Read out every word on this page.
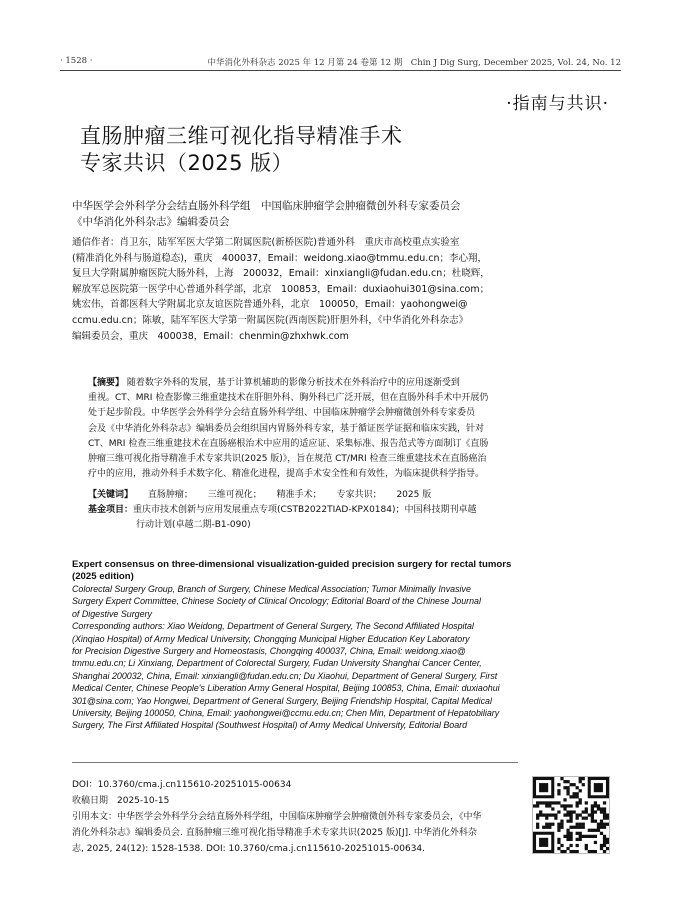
· 1528 ·	中华消化外科杂志 2025 年 12 月第 24 卷第 12 期　Chin J Dig Surg, December 2025, Vol. 24, No. 12
·指南与共识·
直肠肿瘤三维可视化指导精准手术
专家共识（2025 版）
中华医学会外科学分会结直肠外科学组　中国临床肿瘤学会肿瘤微创外科专家委员会
《中华消化外科杂志》编辑委员会
通信作者：肖卫东，陆军军医大学第二附属医院(新桥医院)普通外科　重庆市高校重点实验室
(精准消化外科与肠道稳态)，重庆　400037，Email：weidong.xiao@tmmu.edu.cn；李心翔，
复旦大学附属肿瘤医院大肠外科，上海　200032，Email：xinxiangli@fudan.edu.cn；杜晓辉，
解放军总医院第一医学中心普通外科学部，北京　100853，Email：duxiaohui301@sina.com；
姚宏伟，首都医科大学附属北京友谊医院普通外科，北京　100050，Email：yaohongwei@
ccmu.edu.cn；陈敏，陆军军医大学第一附属医院(西南医院)肝胆外科，《中华消化外科杂志》
编辑委员会，重庆　400038，Email：chenmin@zhxhwk.com
【摘要】 随着数字外科的发展，基于计算机辅助的影像分析技术在外科治疗中的应用逐渐受到
重视。CT、MRI 检查影像三维重建技术在肝胆外科、胸外科已广泛开展，但在直肠外科手术中开展仍
处于起步阶段。中华医学会外科学分会结直肠外科学组、中国临床肿瘤学会肿瘤微创外科专家委员
会及《中华消化外科杂志》编辑委员会组织国内胃肠外科专家，基于循证医学证据和临床实践，针对
CT、MRI 检查三维重建技术在直肠癌根治术中应用的适应证、采集标准、报告范式等方面制订《直肠
肿瘤三维可视化指导精准手术专家共识(2025 版)》，旨在规范 CT/MRI 检查三维重建技术在直肠癌治
疗中的应用，推动外科手术数字化、精准化进程，提高手术安全性和有效性，为临床提供科学指导。
【关键词】 直肠肿瘤； 三维可视化； 精准手术； 专家共识； 2025 版
基金项目：重庆市技术创新与应用发展重点专项(CSTB2022TIAD-KPX0184)；中国科技期刊卓越
行动计划(卓越二期-B1-090)
Expert consensus on three-dimensional visualization-guided precision surgery for rectal tumors
(2025 edition)
Colorectal Surgery Group, Branch of Surgery, Chinese Medical Association; Tumor Minimally Invasive
Surgery Expert Committee, Chinese Society of Clinical Oncology; Editorial Board of the Chinese Journal
of Digestive Surgery
Corresponding authors: Xiao Weidong, Department of General Surgery, The Second Affiliated Hospital
(Xinqiao Hospital) of Army Medical University, Chongqing Municipal Higher Education Key Laboratory
for Precision Digestive Surgery and Homeostasis, Chongqing 400037, China, Email: weidong.xiao@
tmmu.edu.cn; Li Xinxiang, Department of Colorectal Surgery, Fudan University Shanghai Cancer Center,
Shanghai 200032, China, Email: xinxiangli@fudan.edu.cn; Du Xiaohui, Department of General Surgery, First
Medical Center, Chinese People's Liberation Army General Hospital, Beijing 100853, China, Email: duxiaohui
301@sina.com; Yao Hongwei, Department of General Surgery, Beijing Friendship Hospital, Capital Medical
University, Beijing 100050, China, Email: yaohongwei@ccmu.edu.cn; Chen Min, Department of Hepatobiliary
Surgery, The First Affiliated Hospital (Southwest Hospital) of Army Medical University, Editorial Board
DOI：10.3760/cma.j.cn115610-20251015-00634
收稿日期　2025-10-15
引用本文：中华医学会外科学分会结直肠外科学组，中国临床肿瘤学会肿瘤微创外科专家委员会，《中华
消化外科杂志》编辑委员会. 直肠肿瘤三维可视化指导精准手术专家共识(2025 版)[J]. 中华消化外科杂
志, 2025, 24(12): 1528-1538. DOI: 10.3760/cma.j.cn115610-20251015-00634.
